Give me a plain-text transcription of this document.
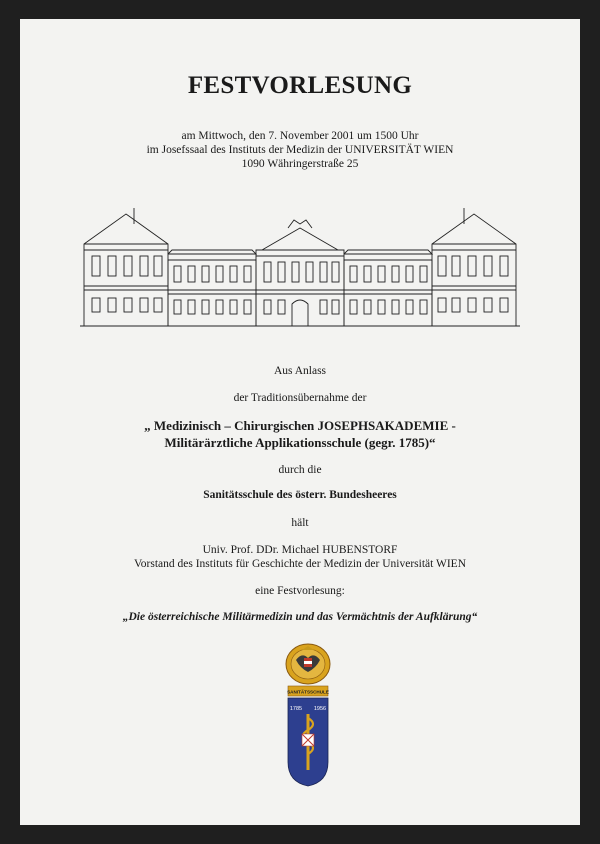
FESTVORLESUNG
am Mittwoch, den 7. November 2001 um 1500 Uhr
im Josefssaal des Instituts der Medizin der UNIVERSITÄT WIEN
1090 Währingerstraße 25
Aus Anlass
der Traditionsübernahme der
„ Medizinisch – Chirurgischen JOSEPHSAKADEMIE -
Militärärztliche Applikationsschule (gegr. 1785)“
durch die
Sanitätsschule des österr. Bundesheeres
hält
Univ. Prof. DDr. Michael HUBENSTORF
Vorstand des Instituts für Geschichte der Medizin der Universität WIEN
eine Festvorlesung:
„Die österreichische Militärmedizin und das Vermächtnis der Aufklärung“
SANITÄTSSCHULE
1785 1956
